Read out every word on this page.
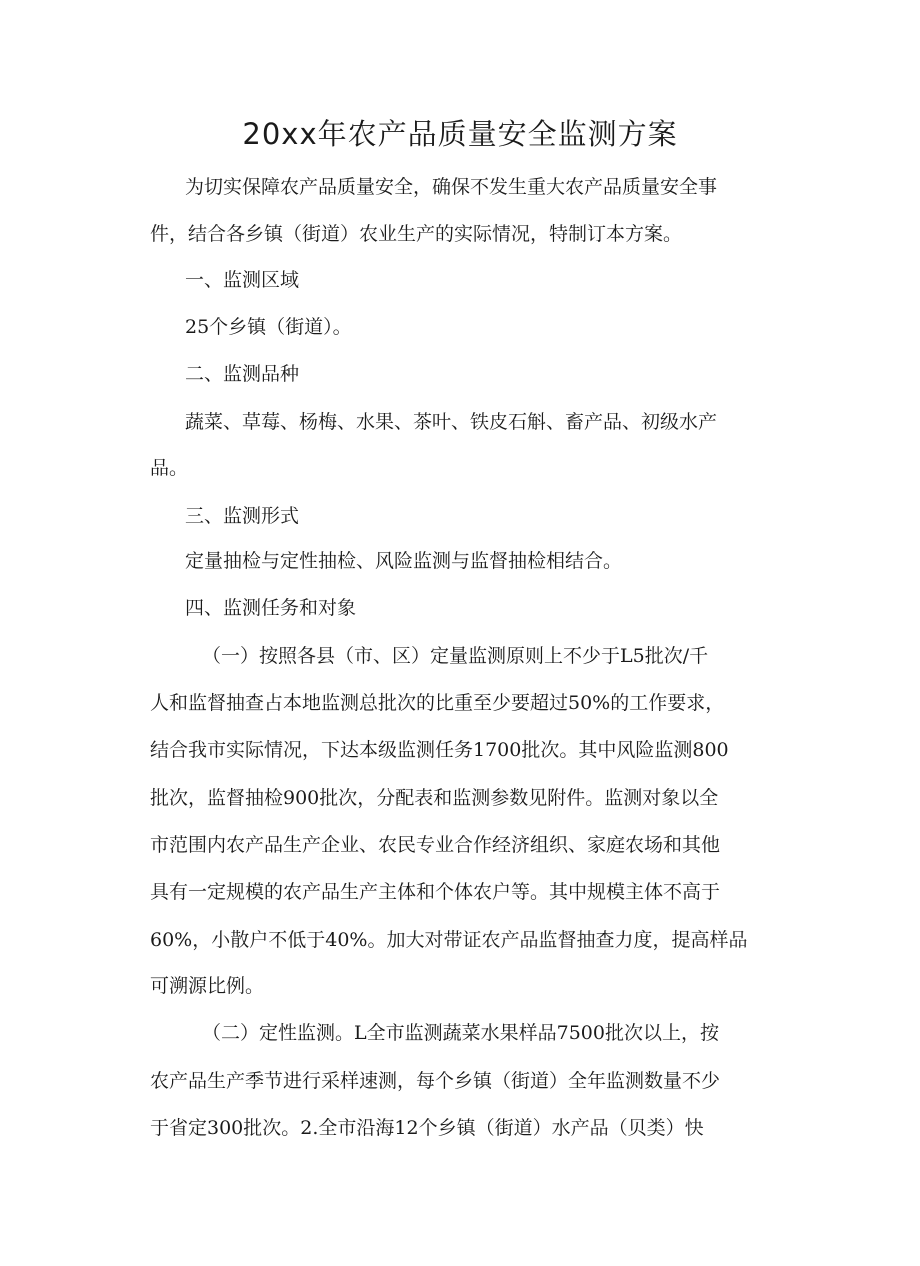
20xx年农产品质量安全监测方案

为切实保障农产品质量安全，确保不发生重大农产品质量安全事

件，结合各乡镇（街道）农业生产的实际情况，特制订本方案。

一、监测区域

25个乡镇（街道）。

二、监测品种

蔬菜、草莓、杨梅、水果、茶叶、铁皮石斛、畜产品、初级水产

品。

三、监测形式

定量抽检与定性抽检、风险监测与监督抽检相结合。

四、监测任务和对象

（一）按照各县（市、区）定量监测原则上不少于L5批次/千

人和监督抽查占本地监测总批次的比重至少要超过50%的工作要求，

结合我市实际情况，下达本级监测任务1700批次。其中风险监测800

批次，监督抽检900批次，分配表和监测参数见附件。监测对象以全

市范围内农产品生产企业、农民专业合作经济组织、家庭农场和其他

具有一定规模的农产品生产主体和个体农户等。其中规模主体不高于

60%，小散户不低于40%。加大对带证农产品监督抽查力度，提高样品

可溯源比例。

（二）定性监测。L全市监测蔬菜水果样品7500批次以上，按

农产品生产季节进行采样速测，每个乡镇（街道）全年监测数量不少

于省定300批次。2.全市沿海12个乡镇（街道）水产品（贝类）快
